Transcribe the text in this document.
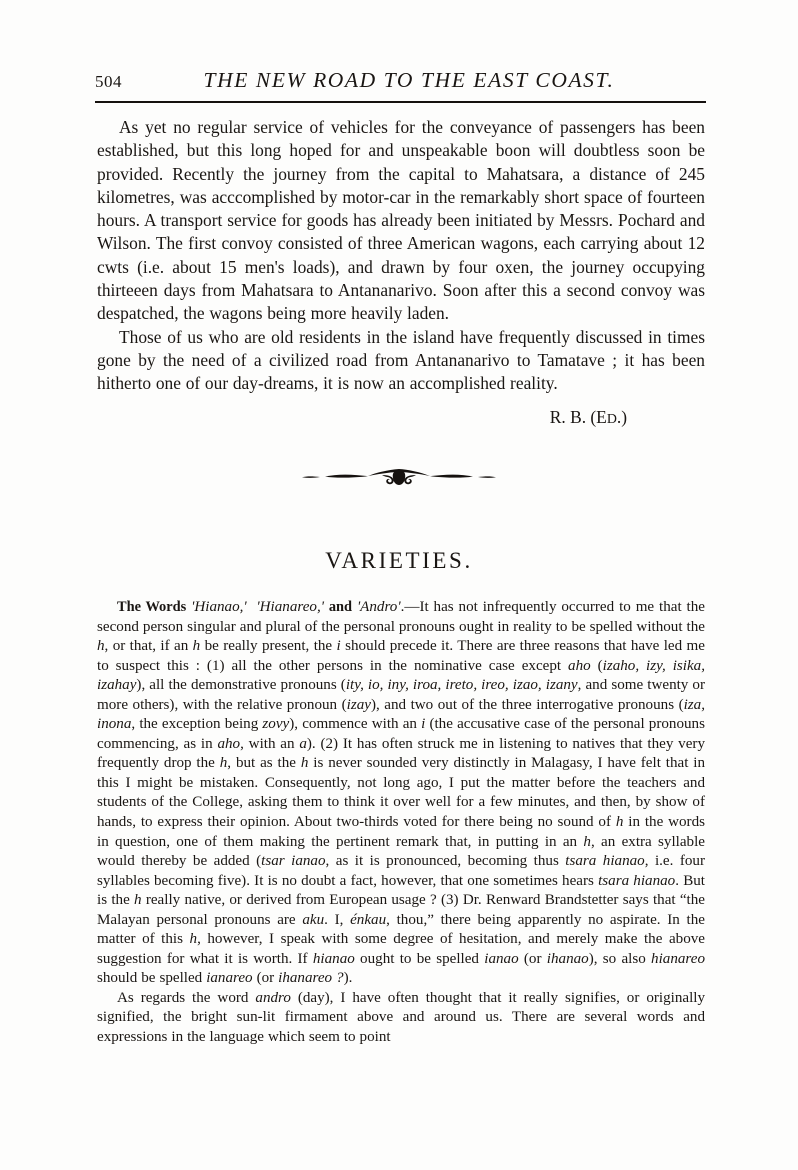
504	THE NEW ROAD TO THE EAST COAST.

As yet no regular service of vehicles for the conveyance of passengers has been established, but this long hoped for and unspeakable boon will doubtless soon be provided. Recently the journey from the capital to Mahatsara, a distance of 245 kilometres, was acccomplished by motor-car in the remarkably short space of fourteen hours. A transport service for goods has already been initiated by Messrs. Pochard and Wilson. The first convoy consisted of three American wagons, each carrying about 12 cwts (i.e. about 15 men's loads), and drawn by four oxen, the journey occupying thirteeen days from Mahatsara to Antananarivo. Soon after this a second convoy was despatched, the wagons being more heavily laden.

Those of us who are old residents in the island have frequently discussed in times gone by the need of a civilized road from Antananarivo to Tamatave ; it has been hitherto one of our day-dreams, it is now an accomplished reality.

R. B. (ED.)

VARIETIES.

The Words 'Hianao,' 'Hianareo,' and 'Andro'.—It has not infrequently occurred to me that the second person singular and plural of the personal pronouns ought in reality to be spelled without the h, or that, if an h be really present, the i should precede it. There are three reasons that have led me to suspect this : (1) all the other persons in the nominative case except aho (izaho, izy, isika, izahay), all the demonstrative pronouns (ity, io, iny, iroa, ireto, ireo, izao, izany, and some twenty or more others), with the relative pronoun (izay), and two out of the three interrogative pronouns (iza, inona, the exception being zovy), commence with an i (the accusative case of the personal pronouns commencing, as in aho, with an a). (2) It has often struck me in listening to natives that they very frequently drop the h, but as the h is never sounded very distinctly in Malagasy, I have felt that in this I might be mistaken. Consequently, not long ago, I put the matter before the teachers and students of the College, asking them to think it over well for a few minutes, and then, by show of hands, to express their opinion. About two-thirds voted for there being no sound of h in the words in question, one of them making the pertinent remark that, in putting in an h, an extra syllable would thereby be added (tsar ianao, as it is pronounced, becoming thus tsara hianao, i.e. four syllables becoming five). It is no doubt a fact, however, that one sometimes hears tsara hianao. But is the h really native, or derived from European usage ? (3) Dr. Renward Brandstetter says that “the Malayan personal pronouns are aku. I, énkau, thou,” there being apparently no aspirate. In the matter of this h, however, I speak with some degree of hesitation, and merely make the above suggestion for what it is worth. If hianao ought to be spelled ianao (or ihanao), so also hianareo should be spelled ianareo (or ihanareo ?).

As regards the word andro (day), I have often thought that it really signifies, or originally signified, the bright sun-lit firmament above and around us. There are several words and expressions in the language which seem to point
